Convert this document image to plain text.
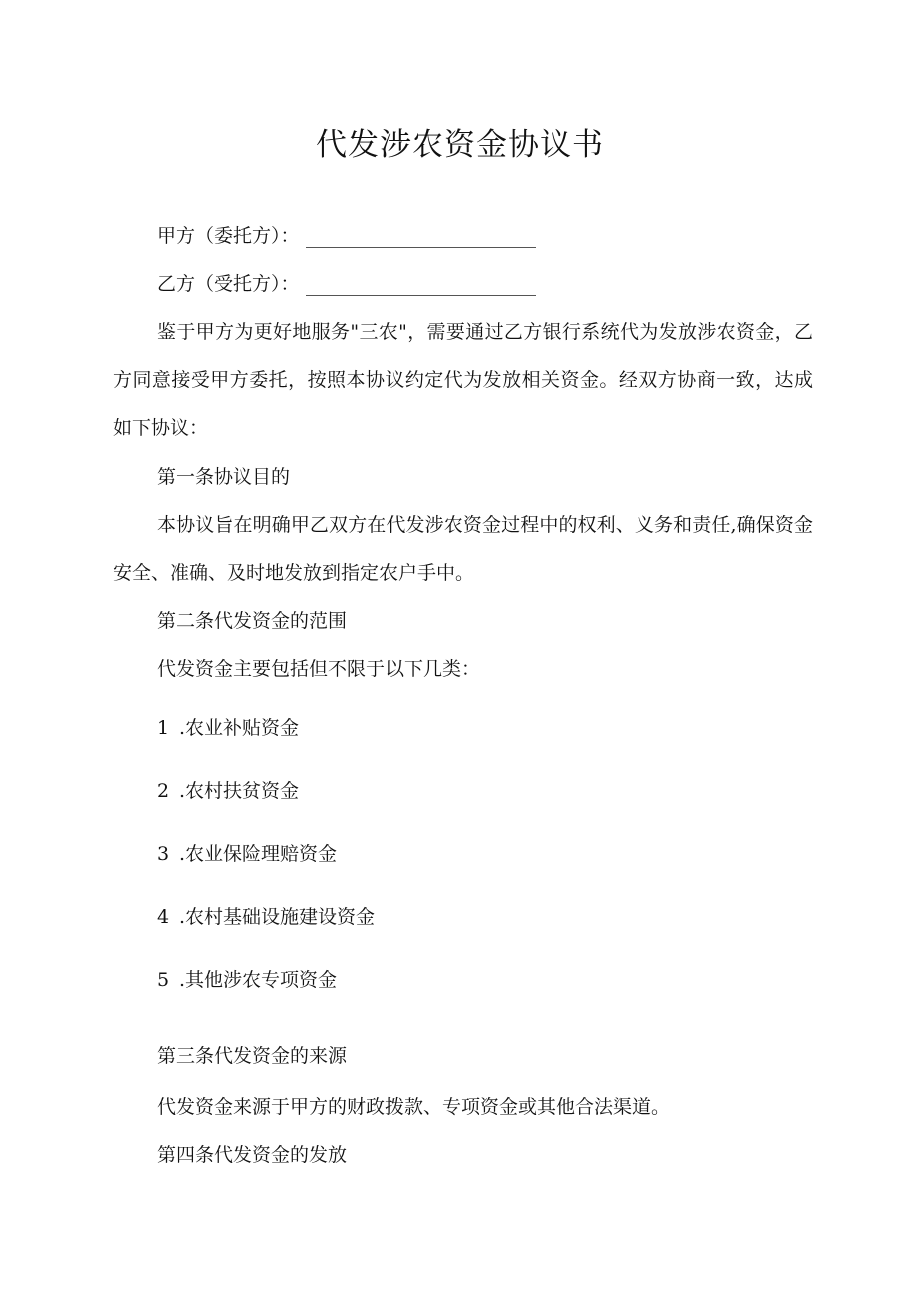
代发涉农资金协议书
甲方（委托方）：
乙方（受托方）：
鉴于甲方为更好地服务"三农"，需要通过乙方银行系统代为发放涉农资金，乙方同意接受甲方委托，按照本协议约定代为发放相关资金。经双方协商一致，达成如下协议：
第一条协议目的
本协议旨在明确甲乙双方在代发涉农资金过程中的权利、义务和责任,确保资金安全、准确、及时地发放到指定农户手中。
第二条代发资金的范围
代发资金主要包括但不限于以下几类：
1 .农业补贴资金
2 .农村扶贫资金
3 .农业保险理赔资金
4 .农村基础设施建设资金
5 .其他涉农专项资金
第三条代发资金的来源
代发资金来源于甲方的财政拨款、专项资金或其他合法渠道。
第四条代发资金的发放
